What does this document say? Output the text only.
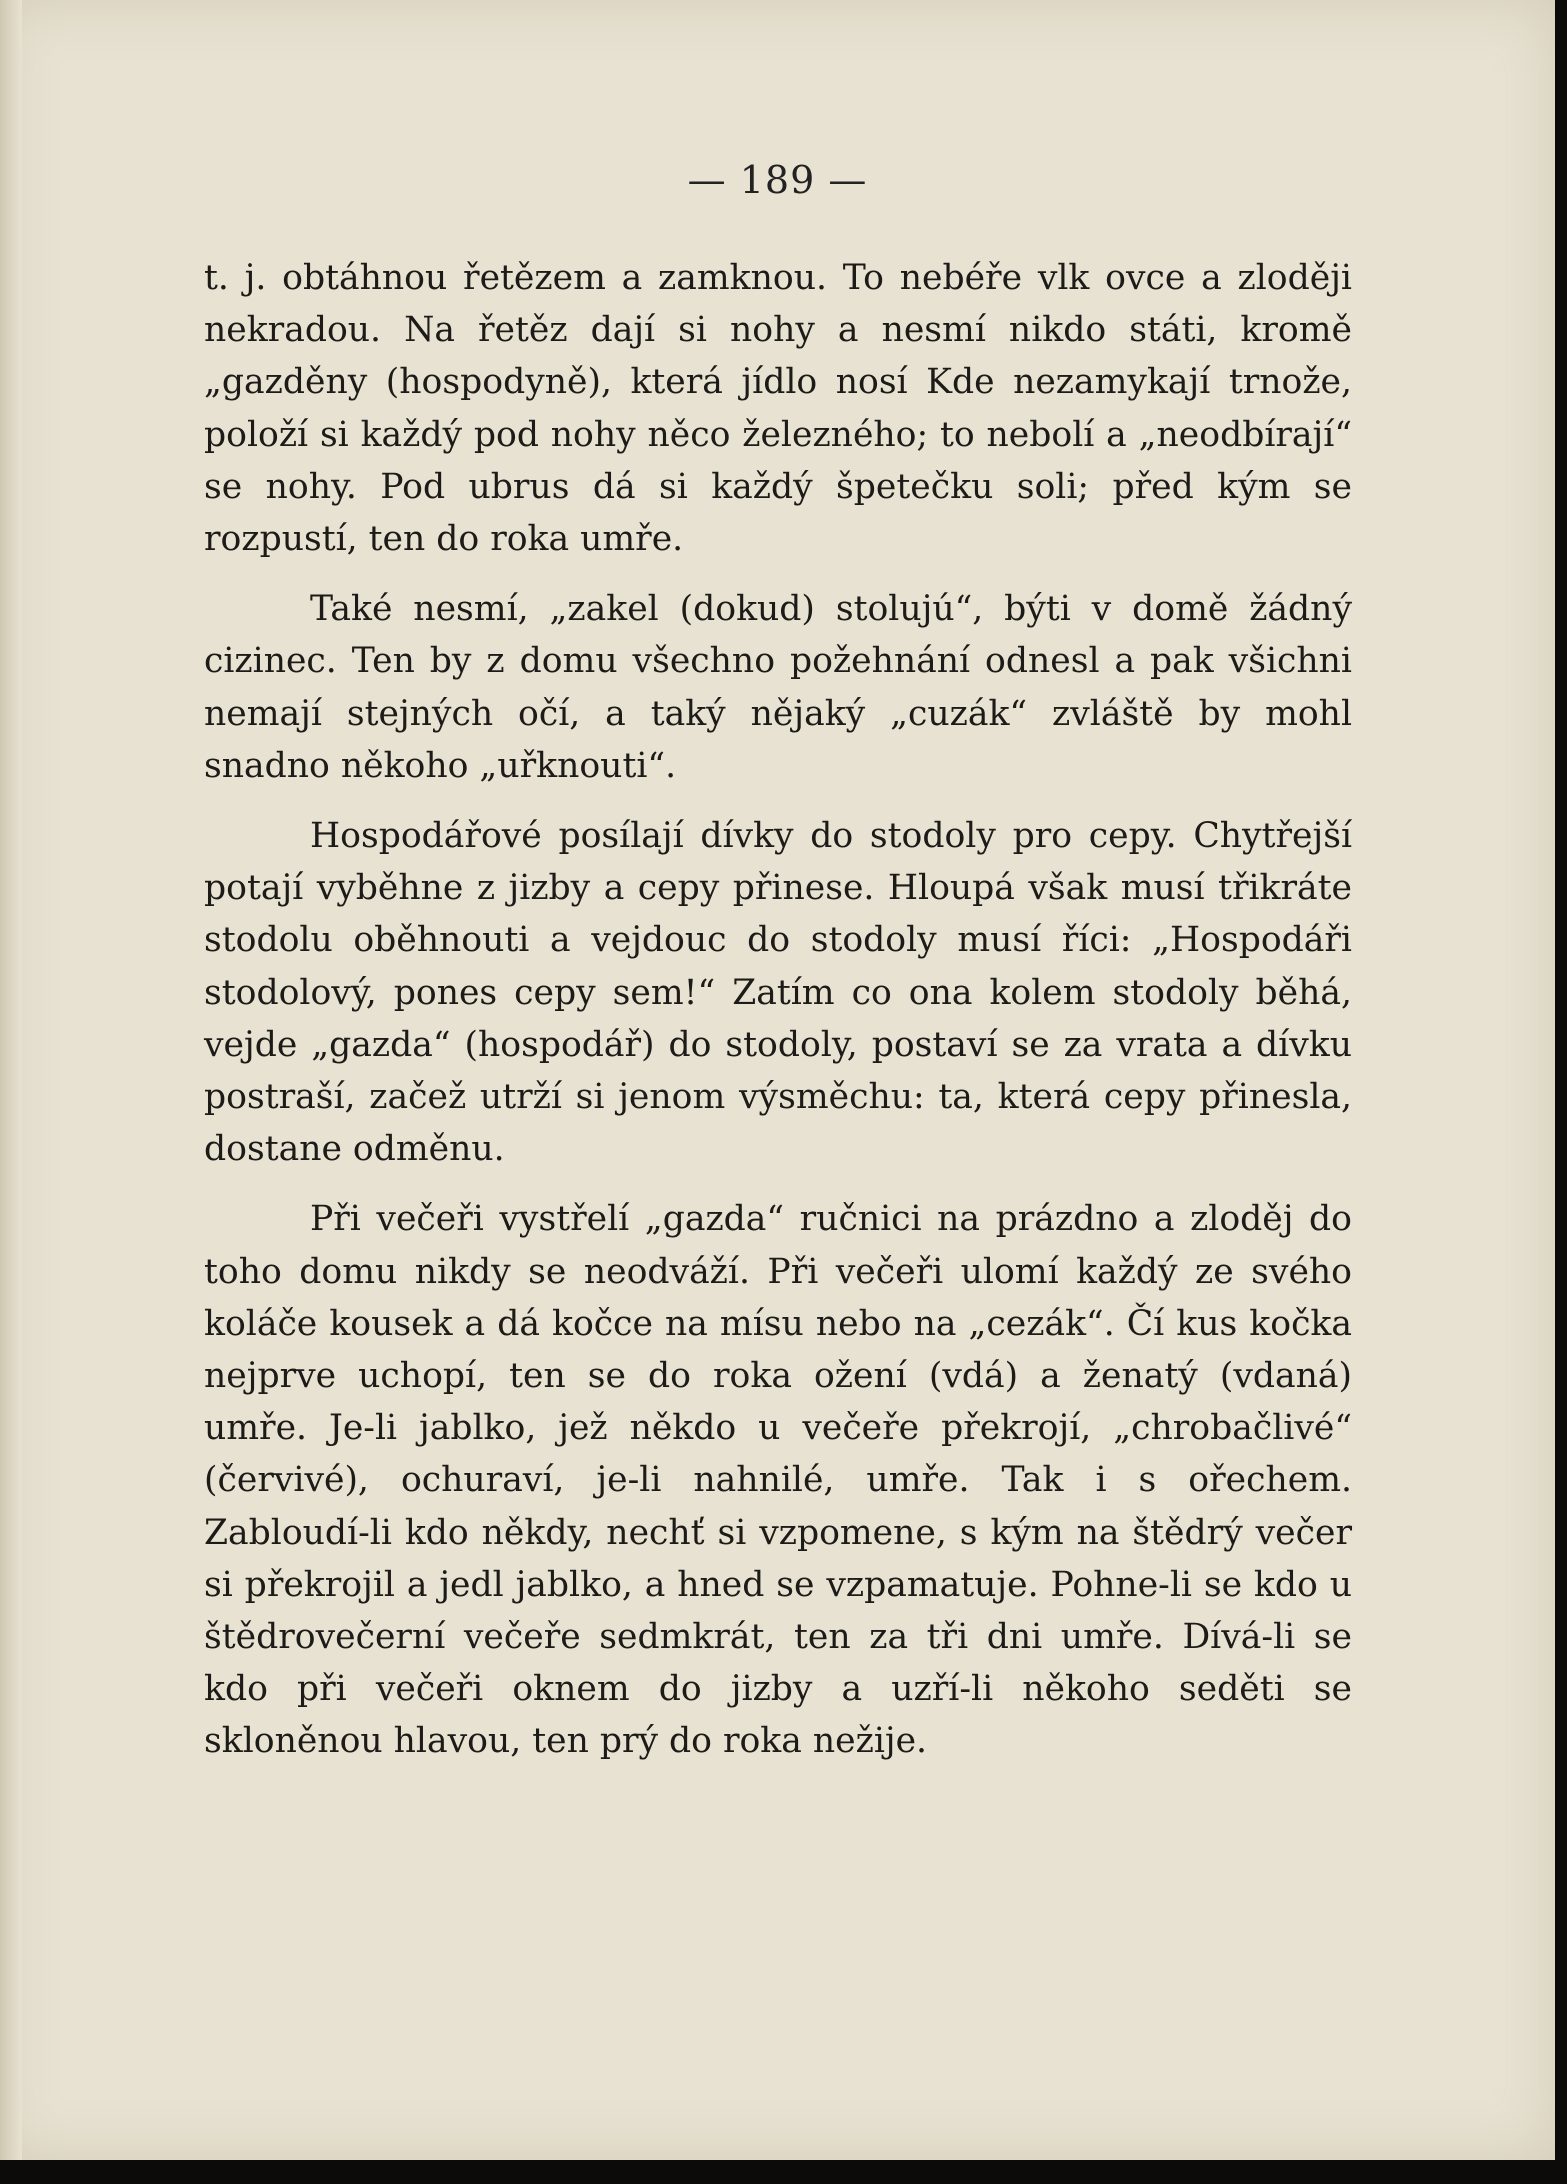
— 189 —

t. j. obtáhnou řetězem a zamknou. To nebéře vlk ovce a zloději nekradou. Na řetěz dají si nohy a nesmí nikdo státi, kromě „gazděny (hospodyně), která jídlo nosí Kde nezamykají trnože, položí si každý pod nohy něco železného; to nebolí a „neodbírají“ se nohy. Pod ubrus dá si každý špetečku soli; před kým se rozpustí, ten do roka umře.

Také nesmí, „zakel (dokud) stolujú“, býti v domě žádný cizinec. Ten by z domu všechno požehnání odnesl a pak všichni nemají stejných očí, a taký nějaký „cuzák“ zvláště by mohl snadno někoho „uřknouti“.

Hospodářové posílají dívky do stodoly pro cepy. Chytřejší potají vyběhne z jizby a cepy přinese. Hloupá však musí třikráte stodolu oběhnouti a vejdouc do stodoly musí říci: „Hospodáři stodolový, pones cepy sem!“ Zatím co ona kolem stodoly běhá, vejde „gazda“ (hospodář) do stodoly, postaví se za vrata a dívku postraší, začež utrží si jenom výsměchu: ta, která cepy přinesla, dostane odměnu.

Při večeři vystřelí „gazda“ ručnici na prázdno a zloděj do toho domu nikdy se neodváží. Při večeři ulomí každý ze svého koláče kousek a dá kočce na mísu nebo na „cezák“. Čí kus kočka nejprve uchopí, ten se do roka ožení (vdá) a ženatý (vdaná) umře. Je-li jablko, jež někdo u večeře překrojí, „chrobačlivé“ (červivé), ochuraví, je-li nahnilé, umře. Tak i s ořechem. Zabloudí-li kdo někdy, nechť si vzpomene, s kým na štědrý večer si překrojil a jedl jablko, a hned se vzpamatuje. Pohne-li se kdo u štědrovečerní večeře sedmkrát, ten za tři dni umře. Dívá-li se kdo při večeři oknem do jizby a uzří-li někoho seděti se skloněnou hlavou, ten prý do roka nežije.
